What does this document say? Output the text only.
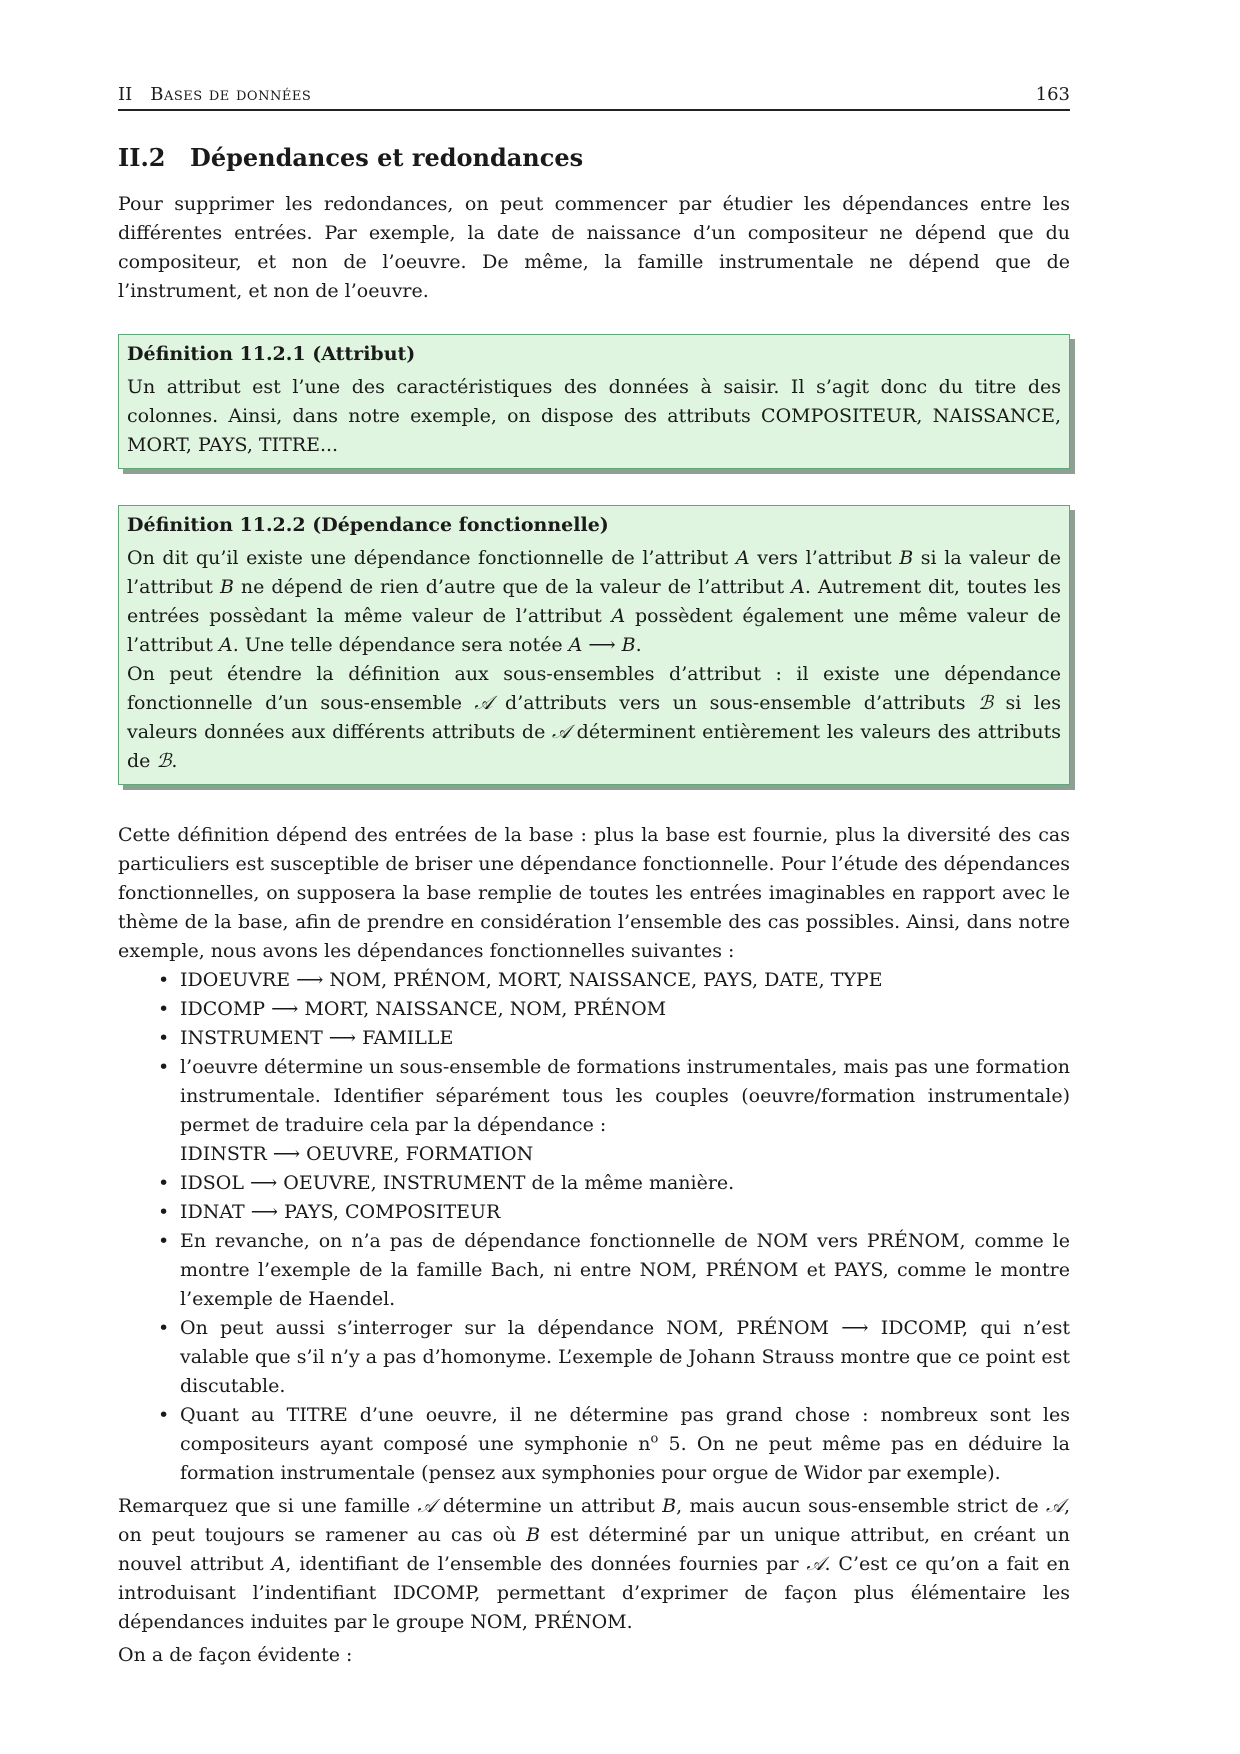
II Bases de données	163
II.2 Dépendances et redondances

Pour supprimer les redondances, on peut commencer par étudier les dépendances entre les différentes entrées. Par exemple, la date de naissance d’un compositeur ne dépend que du compositeur, et non de l’oeuvre. De même, la famille instrumentale ne dépend que de l’instrument, et non de l’oeuvre.

Définition 11.2.1 (Attribut)

Un attribut est l’une des caractéristiques des données à saisir. Il s’agit donc du titre des colonnes. Ainsi, dans notre exemple, on dispose des attributs COMPOSITEUR, NAISSANCE, MORT, PAYS, TITRE...

Définition 11.2.2 (Dépendance fonctionnelle)

On dit qu’il existe une dépendance fonctionnelle de l’attribut A vers l’attribut B si la valeur de l’attribut B ne dépend de rien d’autre que de la valeur de l’attribut A. Autrement dit, toutes les entrées possèdant la même valeur de l’attribut A possèdent également une même valeur de l’attribut A. Une telle dépendance sera notée A ⟶ B.

On peut étendre la définition aux sous-ensembles d’attribut : il existe une dépendance fonctionnelle d’un sous-ensemble 𝒜 d’attributs vers un sous-ensemble d’attributs ℬ si les valeurs données aux différents attributs de 𝒜 déterminent entièrement les valeurs des attributs de ℬ.

Cette définition dépend des entrées de la base : plus la base est fournie, plus la diversité des cas particuliers est susceptible de briser une dépendance fonctionnelle. Pour l’étude des dépendances fonctionnelles, on supposera la base remplie de toutes les entrées imaginables en rapport avec le thème de la base, afin de prendre en considération l’ensemble des cas possibles. Ainsi, dans notre exemple, nous avons les dépendances fonctionnelles suivantes :

• IDOEUVRE ⟶ NOM, PRÉNOM, MORT, NAISSANCE, PAYS, DATE, TYPE
• IDCOMP ⟶ MORT, NAISSANCE, NOM, PRÉNOM
• INSTRUMENT ⟶ FAMILLE
• l’oeuvre détermine un sous-ensemble de formations instrumentales, mais pas une formation instrumentale. Identifier séparément tous les couples (oeuvre/formation instrumentale) permet de traduire cela par la dépendance :
IDINSTR ⟶ OEUVRE, FORMATION
• IDSOL ⟶ OEUVRE, INSTRUMENT de la même manière.
• IDNAT ⟶ PAYS, COMPOSITEUR
• En revanche, on n’a pas de dépendance fonctionnelle de NOM vers PRÉNOM, comme le montre l’exemple de la famille Bach, ni entre NOM, PRÉNOM et PAYS, comme le montre l’exemple de Haendel.
• On peut aussi s’interroger sur la dépendance NOM, PRÉNOM ⟶ IDCOMP, qui n’est valable que s’il n’y a pas d’homonyme. L’exemple de Johann Strauss montre que ce point est discutable.
• Quant au TITRE d’une oeuvre, il ne détermine pas grand chose : nombreux sont les compositeurs ayant composé une symphonie $n^o$ 5. On ne peut même pas en déduire la formation instrumentale (pensez aux symphonies pour orgue de Widor par exemple).

Remarquez que si une famille 𝒜 détermine un attribut B, mais aucun sous-ensemble strict de 𝒜, on peut toujours se ramener au cas où B est déterminé par un unique attribut, en créant un nouvel attribut A, identifiant de l’ensemble des données fournies par 𝒜. C’est ce qu’on a fait en introduisant l’indentifiant IDCOMP, permettant d’exprimer de façon plus élémentaire les dépendances induites par le groupe NOM, PRÉNOM.

On a de façon évidente :
